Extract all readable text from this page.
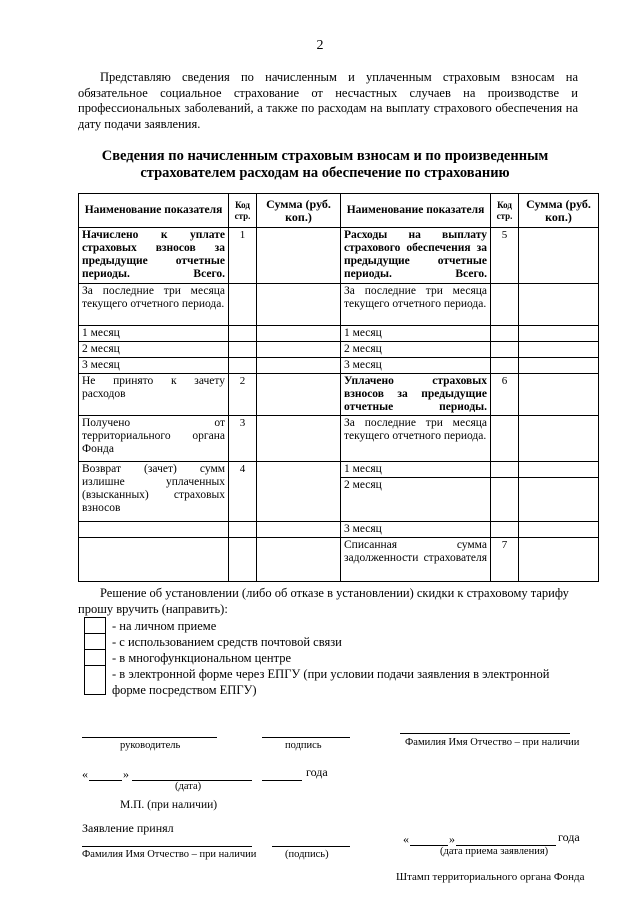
2

Представляю сведения по начисленным и уплаченным страховым взносам на обязательное социальное страхование от несчастных случаев на производстве и профессиональных заболеваний, а также по расходам на выплату страхового обеспечения на дату подачи заявления.

Сведения по начисленным страховым взносам и по произведенным
страхователем расходам на обеспечение по страхованию
Наименование показателя	Код стр.	Сумма (руб. коп.)	Наименование показателя	Код стр.	Сумма (руб. коп.)
Начислено к уплате страховых взносов за предыдущие отчетные периоды. Всего.	1		Расходы на выплату страхового обеспечения за предыдущие отчетные периоды. Всего.	5	
За последние три месяца текущего отчетного периода.			За последние три месяца текущего отчетного периода.		
1 месяц			1 месяц		
2 месяц			2 месяц		
3 месяц			3 месяц		
Не принято к зачету расходов	2		Уплачено страховых взносов за предыдущие отчетные периоды.	6	
Получено от территориального органа Фонда	3		За последние три месяца текущего отчетного периода.		
Возврат (зачет) сумм излишне уплаченных (взысканных) страховых взносов	4		1 месяц		
			2 месяц		
			3 месяц		
			Списанная сумма задолженности страхователя	7	

Решение об установлении (либо об отказе в установлении) скидки к страховому тарифу

прошу вручить (направить):

- на личном приеме
- с использованием средств почтовой связи
- в многофункциональном центре
- в электронной форме через ЕПГУ (при условии подачи заявления в электронной
форме посредством ЕПГУ)
руководитель	подпись	Фамилия Имя Отчество – при наличии
«	»	года
(дата)
М.П. (при наличии)
Заявление принял
Фамилия Имя Отчество – при наличии	(подпись)
«	»	года
(дата приема заявления)
Штамп территориального органа Фонда
